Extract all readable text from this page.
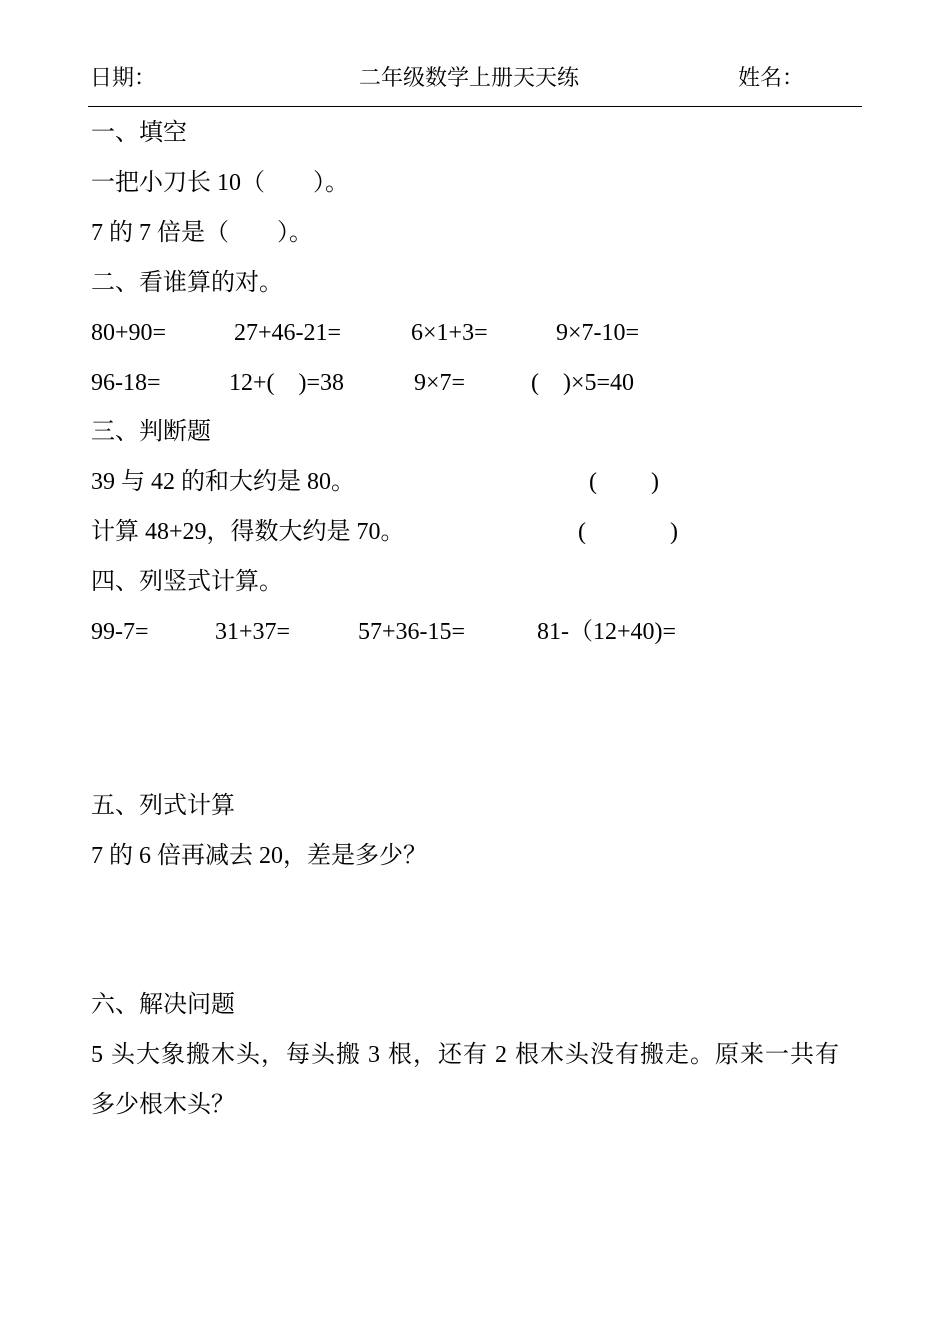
日期：	二年级数学上册天天练	姓名：
一、填空
一把小刀长 10（　　）。
7 的 7 倍是（　　）。
二、看谁算的对。
80+90=	27+46-21=	6×1+3=	9×7-10=
96-18=	12+(    )=38	9×7=	(    )×5=40
三、判断题
39 与 42 的和大约是 80。	(         )
计算 48+29，得数大约是 70。	(              )
四、列竖式计算。
99-7=	31+37=	57+36-15=	81-（12+40)=
五、列式计算
7 的 6 倍再减去 20，差是多少？
六、解决问题
5 头大象搬木头，每头搬 3 根，还有 2 根木头没有搬走。原来一共有
多少根木头？
